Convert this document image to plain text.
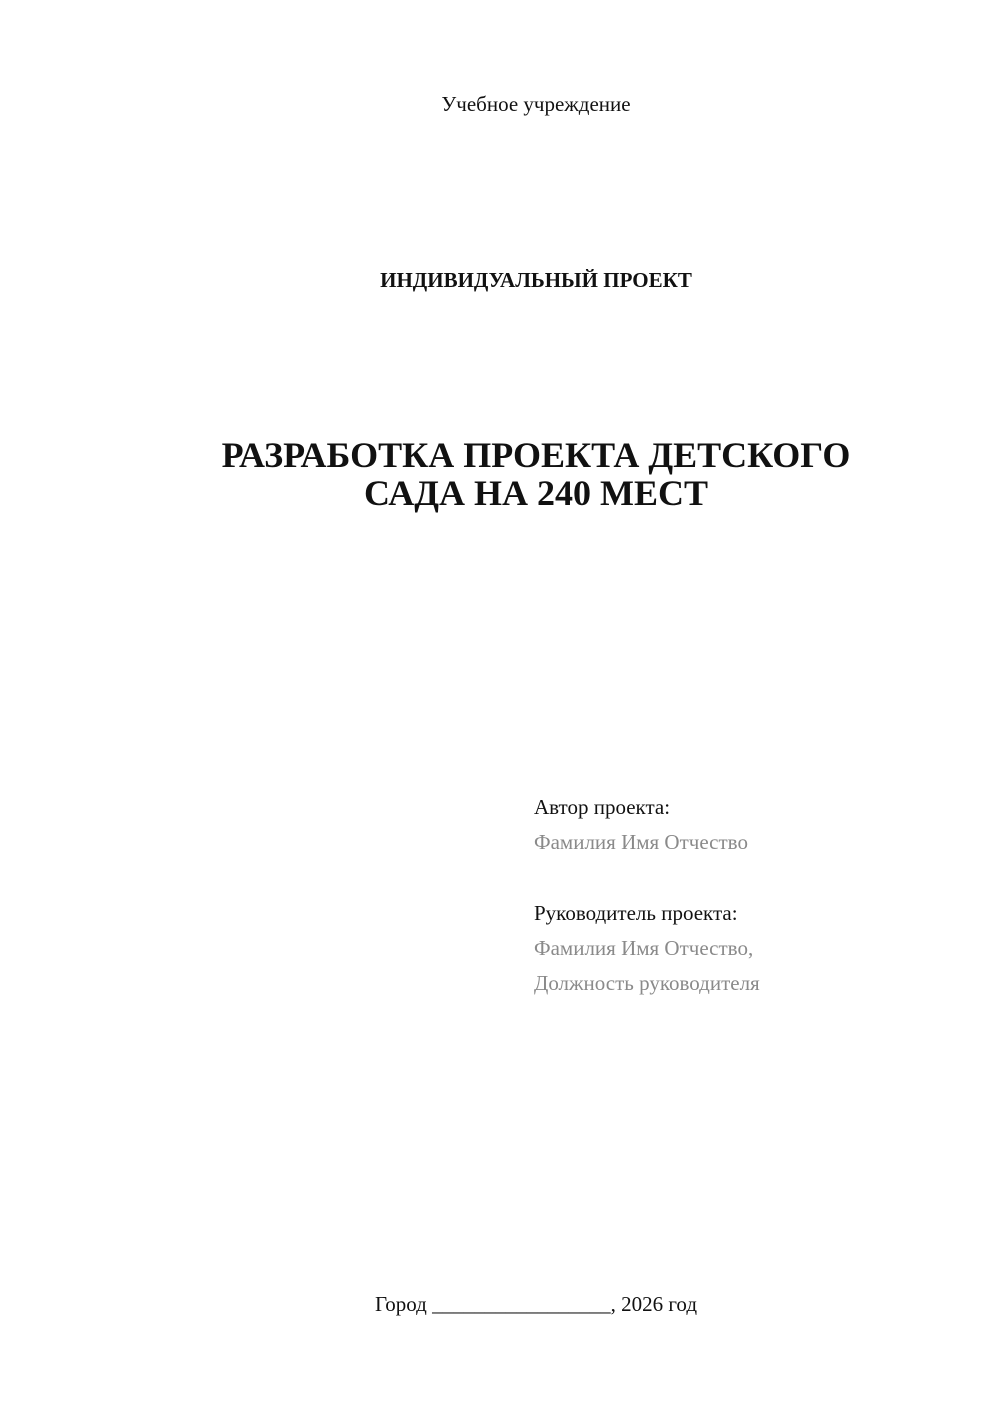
Учебное учреждение
ИНДИВИДУАЛЬНЫЙ ПРОЕКТ
РАЗРАБОТКА ПРОЕКТА ДЕТСКОГО
САДА НА 240 МЕСТ
Автор проекта:
Фамилия Имя Отчество
Руководитель проекта:
Фамилия Имя Отчество,
Должность руководителя
Город _________________, 2026 год
